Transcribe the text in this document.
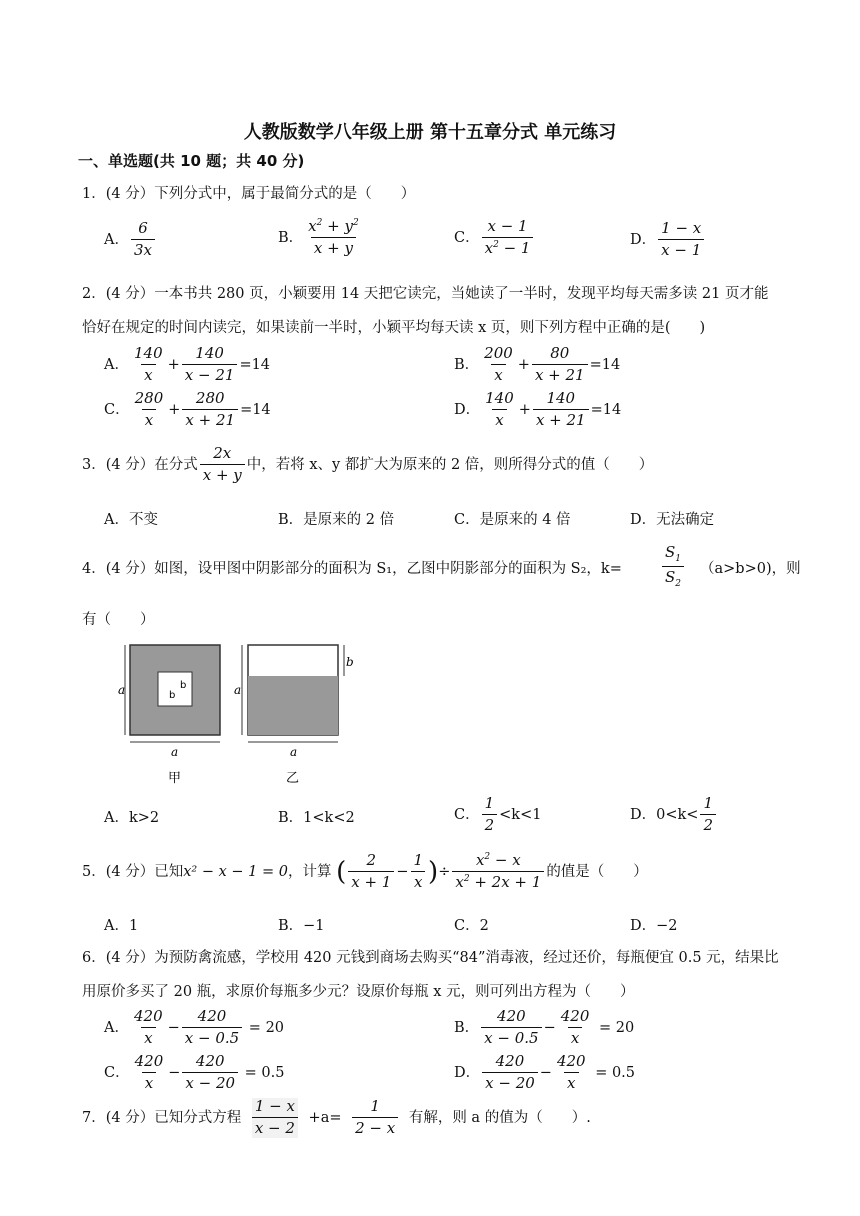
人教版数学八年级上册 第十五章分式 单元练习
一、单选题(共 10 题；共 40 分)
1．(4 分）下列分式中，属于最简分式的是（　　）
A． $\frac{6}{3x}$	B． $\frac{x^2 + y^2}{x + y}$	C． $\frac{x - 1}{x^2 - 1}$	D． $\frac{1 - x}{x - 1}$
2．(4 分）一本书共 280 页，小颖要用 14 天把它读完，当她读了一半时，发现平均每天需多读 21 页才能
恰好在规定的时间内读完，如果读前一半时，小颖平均每天读 x 页，则下列方程中正确的是(　　)
A． $\frac{140}{x} + \frac{140}{x - 21} =14$	B． $\frac{200}{x} + \frac{80}{x + 21} =14$
C． $\frac{280}{x} + \frac{280}{x + 21} =14$	D． $\frac{140}{x} + \frac{140}{x + 21} =14$
3．(4 分）在分式 $\frac{2x}{x + y}$ 中，若将 x、y 都扩大为原来的 2 倍，则所得分式的值（　　）
A．不变	B．是原来的 2 倍	C．是原来的 4 倍	D．无法确定
4．(4 分）如图，设甲图中阴影部分的面积为 S₁，乙图中阴影部分的面积为 S₂，k=	$\frac{S_1}{S_2} (a>b>0)$，则
有（　　）
a
a
b
b
甲
a
b
a
乙
A．k>2	B．1<k<2	C． $\frac{1}{2} <k<1$	D．$0<k< \frac{1}{2}$
5．(4 分）已知x² − x − 1 = 0，计算 ( $\frac{2}{x + 1} - \frac{1}{x}$ )÷ $\frac{x^2 - x}{x^2 + 2x + 1}$ 的值是（　　）
A．1	B．−1	C．2	D．−2
6．(4 分）为预防禽流感，学校用 420 元钱到商场去购买“84”消毒液，经过还价，每瓶便宜 0.5 元，结果比
用原价多买了 20 瓶，求原价每瓶多少元？设原价每瓶 x 元，则可列出方程为（　　）
A． $\frac{420}{x} - \frac{420}{x - 0.5} = 20$	B． $\frac{420}{x - 0.5} - \frac{420}{x} = 20$
C． $\frac{420}{x} - \frac{420}{x - 20} = 0.5$	D． $\frac{420}{x - 20} - \frac{420}{x} = 0.5$
7．(4 分）已知分式方程 $\frac{1 - x}{x - 2} +a= \frac{1}{2 - x}$ 有解，则 a 的值为（　　）.
